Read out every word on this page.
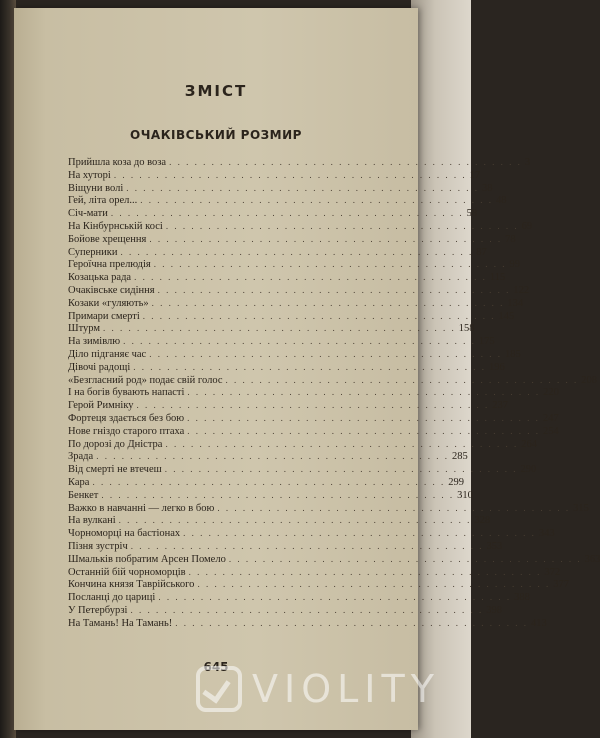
ЗМІСТ
ОЧАКІВСЬКИЙ РОЗМИР
Прийшла коза до воза . . . . . . . . . . . . . . . . . . . . . . . . . . . . . . . . . . . . . . . . . . 3
На хуторі . . . . . . . . . . . . . . . . . . . . . . . . . . . . . . . . . . . . . . . . . . 17
Віщуни волі . . . . . . . . . . . . . . . . . . . . . . . . . . . . . . . . . . . . . . . . . . 38
Гей, літа орел... . . . . . . . . . . . . . . . . . . . . . . . . . . . . . . . . . . . . . . . . . . 48
Січ-мати . . . . . . . . . . . . . . . . . . . . . . . . . . . . . . . . . . . . . . . . . . 58
На Кінбурнській косі . . . . . . . . . . . . . . . . . . . . . . . . . . . . . . . . . . . . . . . . . . 69
Бойове хрещення . . . . . . . . . . . . . . . . . . . . . . . . . . . . . . . . . . . . . . . . . . 78
Суперники . . . . . . . . . . . . . . . . . . . . . . . . . . . . . . . . . . . . . . . . . . 87
Героїчна прелюдія . . . . . . . . . . . . . . . . . . . . . . . . . . . . . . . . . . . . . . . . . . 99
Козацька рада . . . . . . . . . . . . . . . . . . . . . . . . . . . . . . . . . . . . . . . . . . 115
Очаківське сидіння . . . . . . . . . . . . . . . . . . . . . . . . . . . . . . . . . . . . . . . . . . 122
Козаки «гуляють» . . . . . . . . . . . . . . . . . . . . . . . . . . . . . . . . . . . . . . . . . . 134
Примари смерті . . . . . . . . . . . . . . . . . . . . . . . . . . . . . . . . . . . . . . . . . . 145
Штурм . . . . . . . . . . . . . . . . . . . . . . . . . . . . . . . . . . . . . . . . . . 158
На зимівлю . . . . . . . . . . . . . . . . . . . . . . . . . . . . . . . . . . . . . . . . . . 175
Діло підганяє час . . . . . . . . . . . . . . . . . . . . . . . . . . . . . . . . . . . . . . . . . . 185
Дівочі радощі . . . . . . . . . . . . . . . . . . . . . . . . . . . . . . . . . . . . . . . . . . 196
«Безгласний род» подає свій голос . . . . . . . . . . . . . . . . . . . . . . . . . . . . . . . . . . . . . . . . . . 208
І на богів бувають напасті . . . . . . . . . . . . . . . . . . . . . . . . . . . . . . . . . . . . . . . . . . 220
Герой Римніку . . . . . . . . . . . . . . . . . . . . . . . . . . . . . . . . . . . . . . . . . . 237
Фортеця здається без бою . . . . . . . . . . . . . . . . . . . . . . . . . . . . . . . . . . . . . . . . . . 247
Нове гніздо старого птаха . . . . . . . . . . . . . . . . . . . . . . . . . . . . . . . . . . . . . . . . . . 254
По дорозі до Дністра . . . . . . . . . . . . . . . . . . . . . . . . . . . . . . . . . . . . . . . . . . 264
Зрада . . . . . . . . . . . . . . . . . . . . . . . . . . . . . . . . . . . . . . . . . . 285
Від смерті не втечеш . . . . . . . . . . . . . . . . . . . . . . . . . . . . . . . . . . . . . . . . . . 290
Кара . . . . . . . . . . . . . . . . . . . . . . . . . . . . . . . . . . . . . . . . . . 299
Бенкет . . . . . . . . . . . . . . . . . . . . . . . . . . . . . . . . . . . . . . . . . . 310
Важко в навчанні — легко в бою . . . . . . . . . . . . . . . . . . . . . . . . . . . . . . . . . . . . . . . . . . 315
На вулкані . . . . . . . . . . . . . . . . . . . . . . . . . . . . . . . . . . . . . . . . . . 328
Чорноморці на бастіонах . . . . . . . . . . . . . . . . . . . . . . . . . . . . . . . . . . . . . . . . . . 343
Пізня зустріч . . . . . . . . . . . . . . . . . . . . . . . . . . . . . . . . . . . . . . . . . . 353
Шмальків побратим Арсен Помело . . . . . . . . . . . . . . . . . . . . . . . . . . . . . . . . . . . . . . . . . . 363
Останній бій чорноморців . . . . . . . . . . . . . . . . . . . . . . . . . . . . . . . . . . . . . . . . . . 372
Кончина князя Таврійського . . . . . . . . . . . . . . . . . . . . . . . . . . . . . . . . . . . . . . . . . . 377
Посланці до цариці . . . . . . . . . . . . . . . . . . . . . . . . . . . . . . . . . . . . . . . . . . 388
У Петербурзі . . . . . . . . . . . . . . . . . . . . . . . . . . . . . . . . . . . . . . . . . . 398
На Тамань! На Тамань! . . . . . . . . . . . . . . . . . . . . . . . . . . . . . . . . . . . . . . . . . . 413
645 VIOLITY
